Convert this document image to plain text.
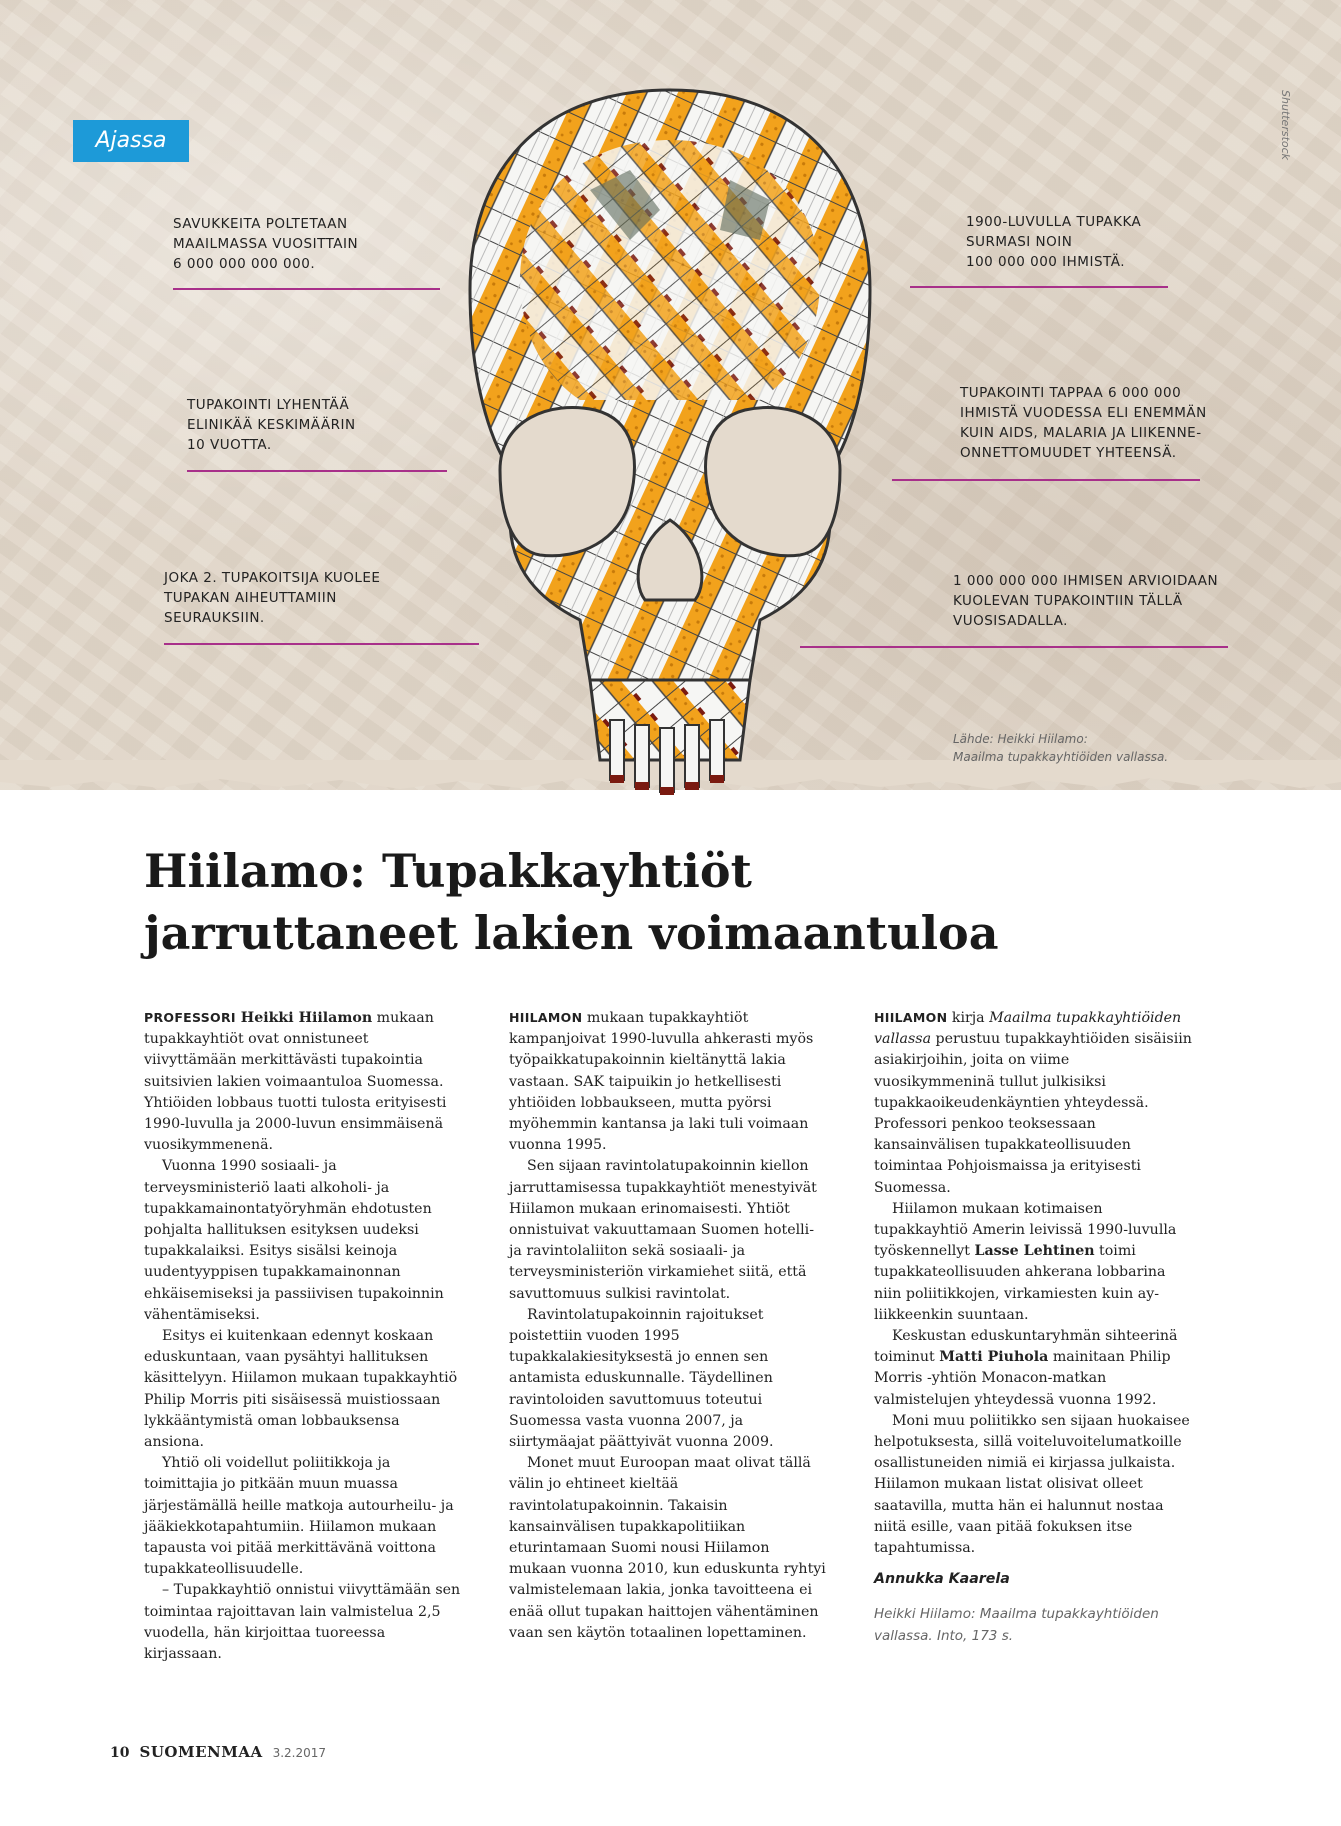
Ajassa	Shutterstock
SAVUKKEITA POLTETAAN
MAAILMASSA VUOSITTAIN
6 000 000 000 000.
1900-LUVULLA TUPAKKA
SURMASI NOIN
100 000 000 IHMISTÄ.
TUPAKOINTI LYHENTÄÄ
ELINIKÄÄ KESKIMÄÄRIN
10 VUOTTA.
TUPAKOINTI TAPPAA 6 000 000
IHMISTÄ VUODESSA ELI ENEMMÄN
KUIN AIDS, MALARIA JA LIIKENNE-
ONNETTOMUUDET YHTEENSÄ.
JOKA 2. TUPAKOITSIJA KUOLEE
TUPAKAN AIHEUTTAMIIN
SEURAUKSIIN.
1 000 000 000 IHMISEN ARVIOIDAAN
KUOLEVAN TUPAKOINTIIN TÄLLÄ
VUOSISADALLA.
Lähde: Heikki Hiilamo:
Maailma tupakkayhtiöiden vallassa.
Hiilamo: Tupakkayhtiöt
jarruttaneet lakien voimaantuloa

PROFESSORI Heikki Hiilamon mukaan tupakkayhtiöt ovat onnistuneet viivyttämään merkittävästi tupakointia suitsivien lakien voimaantuloa Suomessa. Yhtiöiden lobbaus tuotti tulosta erityisesti 1990-luvulla ja 2000-luvun ensimmäisenä vuosikymmenenä.

Vuonna 1990 sosiaali- ja terveysministeriö laati alkoholi- ja tupakkamainontatyöryhmän ehdotusten pohjalta hallituksen esityksen uudeksi tupakkalaiksi. Esitys sisälsi keinoja uudentyyppisen tupakkamainonnan ehkäisemiseksi ja passiivisen tupakoinnin vähentämiseksi.

Esitys ei kuitenkaan edennyt koskaan eduskuntaan, vaan pysähtyi hallituksen käsittelyyn. Hiilamon mukaan tupakkayhtiö Philip Morris piti sisäisessä muistiossaan lykkääntymistä oman lobbauksensa ansiona.

Yhtiö oli voidellut poliitikkoja ja toimittajia jo pitkään muun muassa järjestämällä heille matkoja autourheilu- ja jääkiekkotapahtumiin. Hiilamon mukaan tapausta voi pitää merkittävänä voittona tupakkateollisuudelle.

– Tupakkayhtiö onnistui viivyttämään sen toimintaa rajoittavan lain valmistelua 2,5 vuodella, hän kirjoittaa tuoreessa kirjassaan.

HIILAMON mukaan tupakkayhtiöt kampanjoivat 1990-luvulla ahkerasti myös työpaikkatupakoinnin kieltänyttä lakia vastaan. SAK taipuikin jo hetkellisesti yhtiöiden lobbaukseen, mutta pyörsi myöhemmin kantansa ja laki tuli voimaan vuonna 1995.

Sen sijaan ravintolatupakoinnin kiellon jarruttamisessa tupakkayhtiöt menestyivät Hiilamon mukaan erinomaisesti. Yhtiöt onnistuivat vakuuttamaan Suomen hotelli- ja ravintolaliiton sekä sosiaali- ja terveysministeriön virkamiehet siitä, että savuttomuus sulkisi ravintolat.

Ravintolatupakoinnin rajoitukset poistettiin vuoden 1995 tupakkalakiesityksestä jo ennen sen antamista eduskunnalle. Täydellinen ravintoloiden savuttomuus toteutui Suomessa vasta vuonna 2007, ja siirtymäajat päättyivät vuonna 2009.

Monet muut Euroopan maat olivat tällä välin jo ehtineet kieltää ravintolatupakoinnin. Takaisin kansainvälisen tupakkapolitiikan eturintamaan Suomi nousi Hiilamon mukaan vuonna 2010, kun eduskunta ryhtyi valmistelemaan lakia, jonka tavoitteena ei enää ollut tupakan haittojen vähentäminen vaan sen käytön totaalinen lopettaminen.

HIILAMON kirja Maailma tupakkayhtiöiden vallassa perustuu tupakkayhtiöiden sisäisiin asiakirjoihin, joita on viime vuosikymmeninä tullut julkisiksi tupakkaoikeudenkäyntien yhteydessä. Professori penkoo teoksessaan kansainvälisen tupakkateollisuuden toimintaa Pohjoismaissa ja erityisesti Suomessa.

Hiilamon mukaan kotimaisen tupakkayhtiö Amerin leivissä 1990-luvulla työskennellyt Lasse Lehtinen toimi tupakkateollisuuden ahkerana lobbarina niin poliitikkojen, virkamiesten kuin ay-liikkeenkin suuntaan.

Keskustan eduskuntaryhmän sihteerinä toiminut Matti Piuhola mainitaan Philip Morris -yhtiön Monacon-matkan valmistelujen yhteydessä vuonna 1992.

Moni muu poliitikko sen sijaan huokaisee helpotuksesta, sillä voiteluvoitelumatkoille osallistuneiden nimiä ei kirjassa julkaista. Hiilamon mukaan listat olisivat olleet saatavilla, mutta hän ei halunnut nostaa niitä esille, vaan pitää fokuksen itse tapahtumissa.

Annukka Kaarela

Heikki Hiilamo: Maailma tupakkayhtiöiden vallassa. Into, 173 s.

10 SUOMENMAA 3.2.2017
